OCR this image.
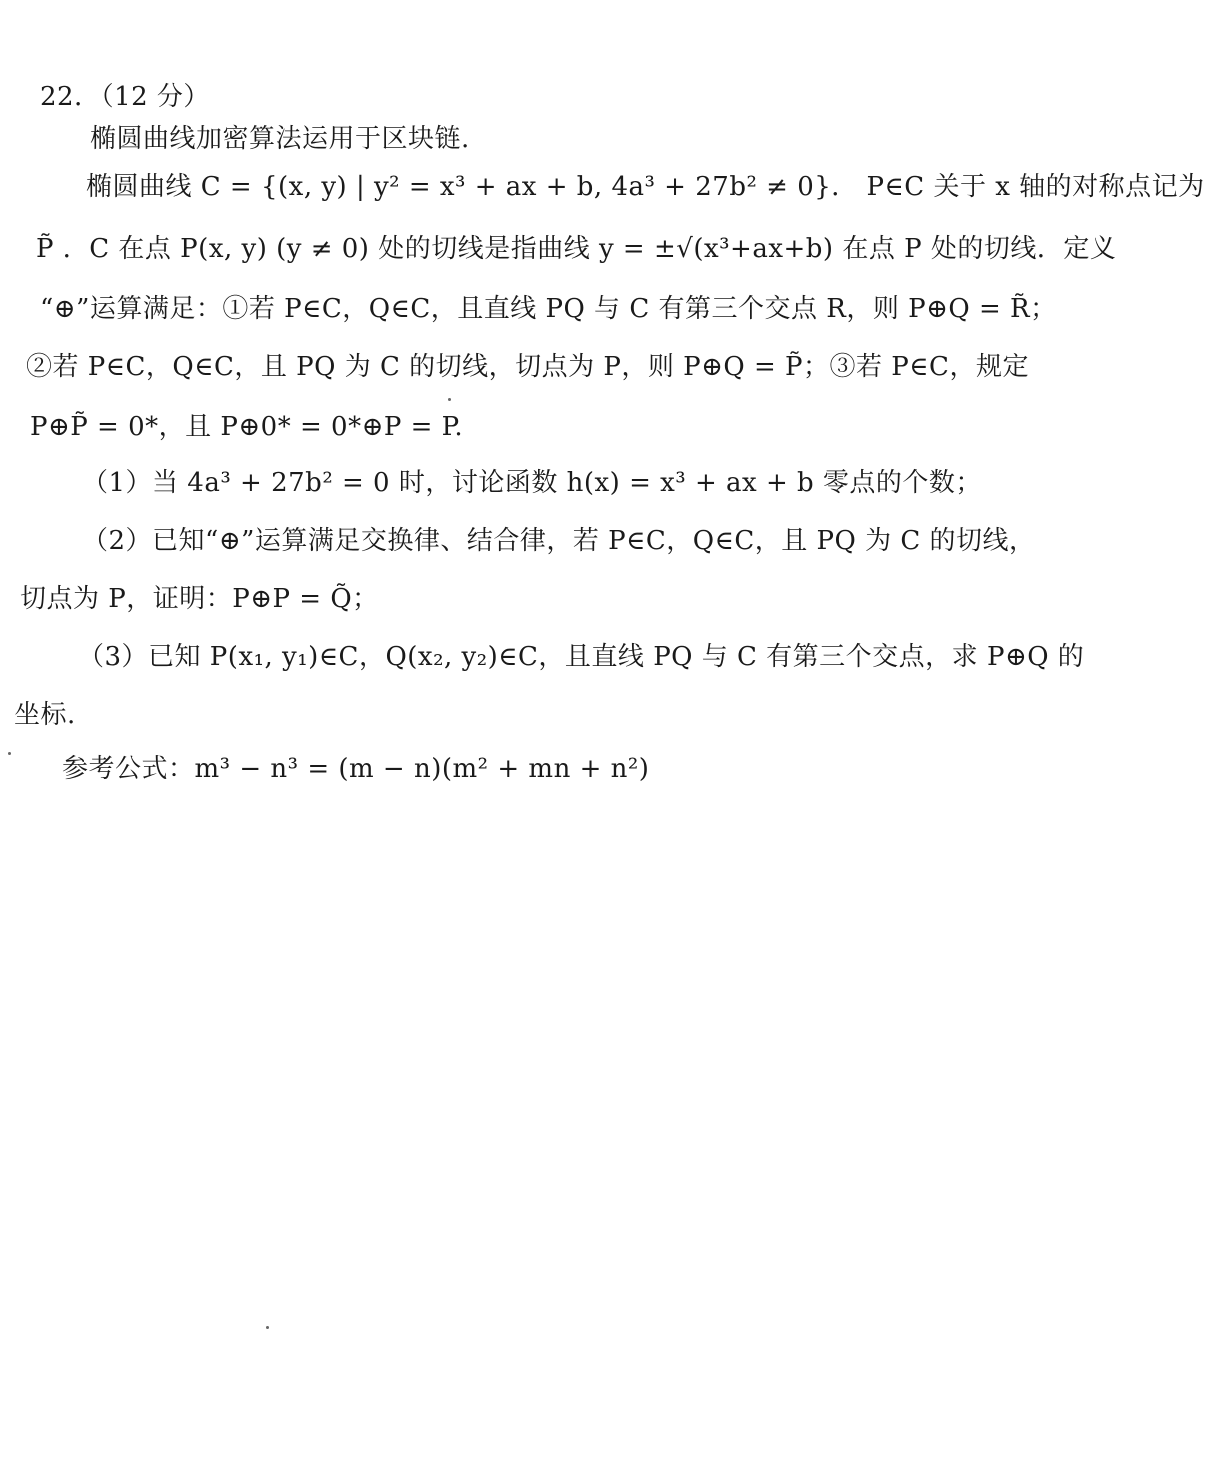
22．（12 分）
椭圆曲线加密算法运用于区块链.
椭圆曲线 C = {(x, y) | y² = x³ + ax + b, 4a³ + 27b² ≠ 0}． P∈C 关于 x 轴的对称点记为
P̃ ．C 在点 P(x, y) (y ≠ 0) 处的切线是指曲线 y = ±√(x³+ax+b) 在点 P 处的切线．定义
“⊕”运算满足：①若 P∈C，Q∈C，且直线 PQ 与 C 有第三个交点 R，则 P⊕Q = R̃；
②若 P∈C，Q∈C，且 PQ 为 C 的切线，切点为 P，则 P⊕Q = P̃；③若 P∈C，规定
P⊕P̃ = 0*，且 P⊕0* = 0*⊕P = P.
（1）当 4a³ + 27b² = 0 时，讨论函数 h(x) = x³ + ax + b 零点的个数；
（2）已知“⊕”运算满足交换律、结合律，若 P∈C，Q∈C，且 PQ 为 C 的切线，
切点为 P，证明：P⊕P = Q̃；
（3）已知 P(x₁, y₁)∈C，Q(x₂, y₂)∈C，且直线 PQ 与 C 有第三个交点，求 P⊕Q 的
坐标.
参考公式：m³ − n³ = (m − n)(m² + mn + n²)
